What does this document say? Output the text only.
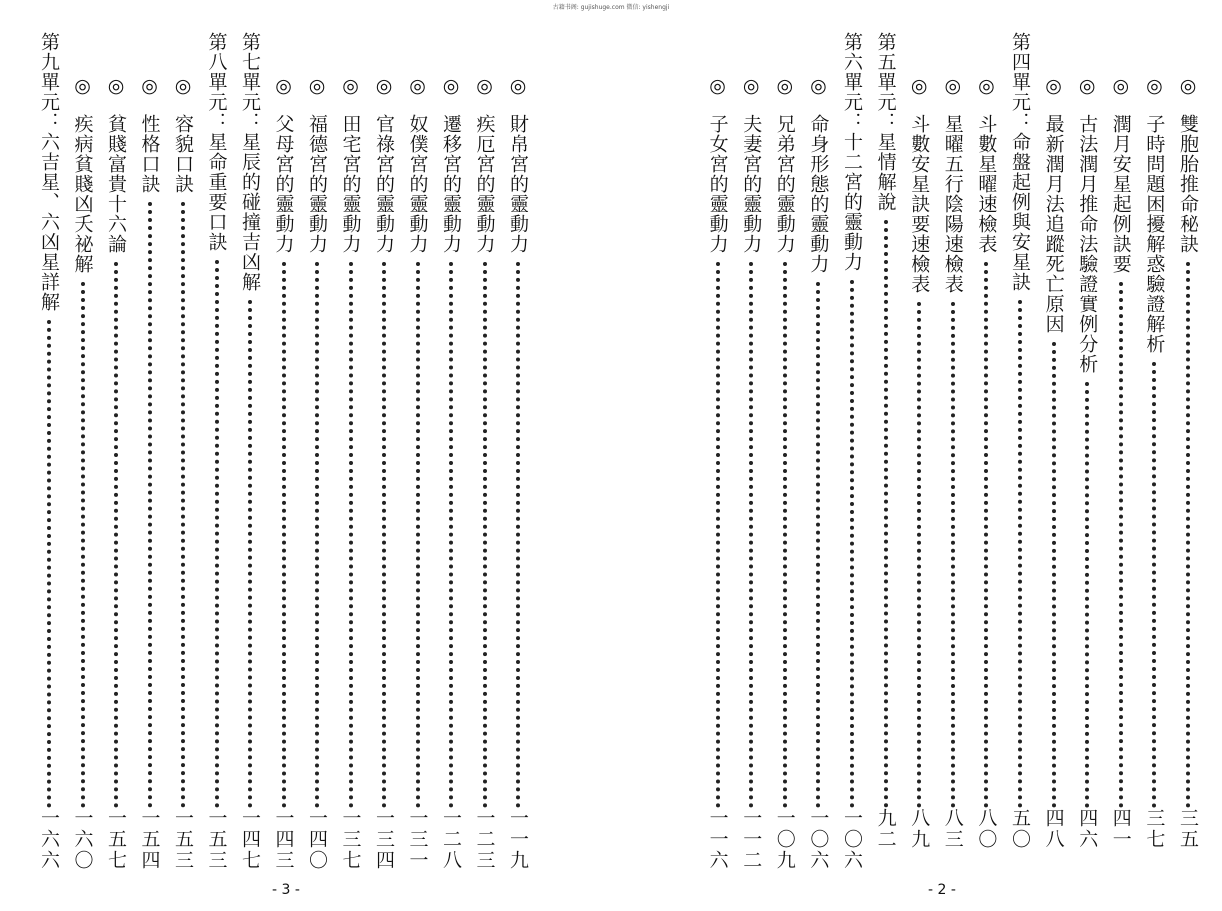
古籍书阁: gujishuge.com 微信: yishengji
- 3 -
◎
財帛宮的靈動力
一一九
◎
疾厄宮的靈動力
一二三
◎
遷移宮的靈動力
一二八
◎
奴僕宮的靈動力
一三一
◎
官祿宮的靈動力
一三四
◎
田宅宮的靈動力
一三七
◎
福德宮的靈動力
一四〇
◎
父母宮的靈動力
一四三
第七單元：星辰的碰撞吉凶解
一四七
第八單元：星命重要口訣
一五三
◎
容貌口訣
一五三
◎
性格口訣
一五四
◎
貧賤富貴十六論
一五七
◎
疾病貧賤凶夭祕解
一六〇
第九單元：六吉星、六凶星詳解
一六六
- 2 -
◎
雙胞胎推命秘訣
三五
◎
子時問題困擾解惑驗證解析
三七
◎
潤月安星起例訣要
四一
◎
古法潤月推命法驗證實例分析
四六
◎
最新潤月法追蹤死亡原因
四八
第四單元：命盤起例與安星訣
五〇
◎
斗數星曜速檢表
八〇
◎
星曜五行陰陽速檢表
八三
◎
斗數安星訣要速檢表
八九
第五單元：星情解說
九二
第六單元：十二宮的靈動力
一〇六
◎
命身形態的靈動力
一〇六
◎
兄弟宮的靈動力
一〇九
◎
夫妻宮的靈動力
一一二
◎
子女宮的靈動力
一一六
